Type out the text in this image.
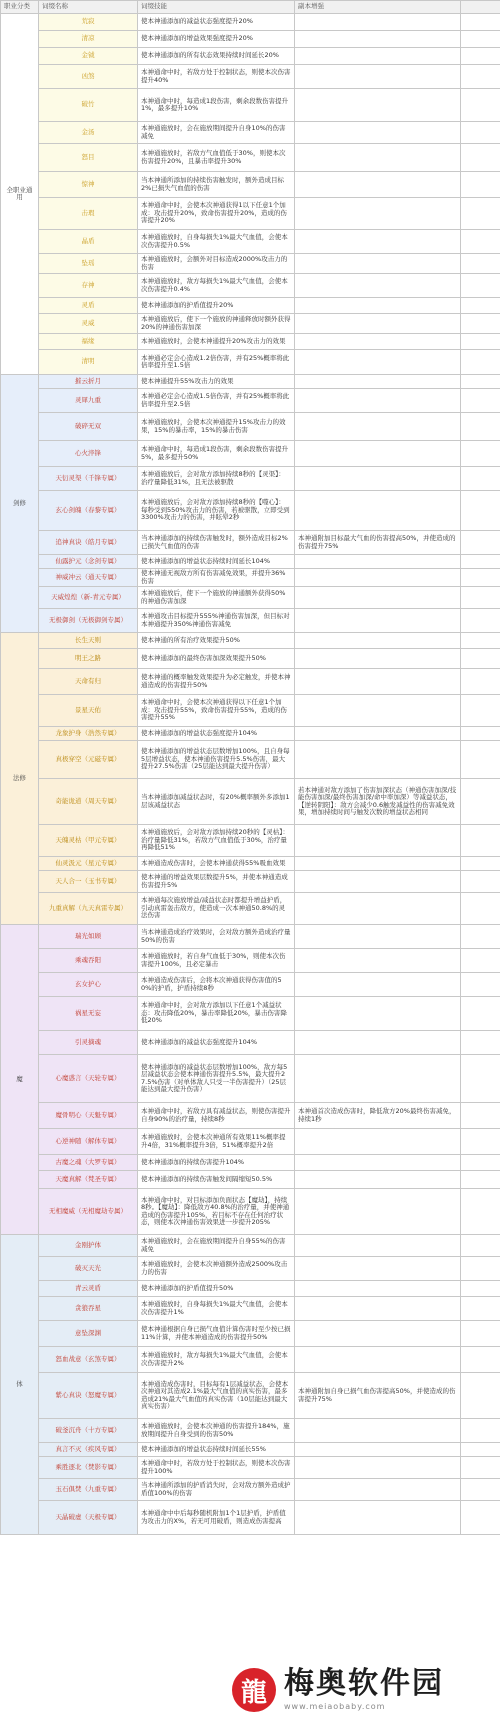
职业分类	词缀名称	词缀技能	副本增强	
全职业通用	荒寂	使本神通添加的减益状态强度提升20%		
	清凉	使本神通添加的增益效果强度提升20%		
	金钺	使本神通添加的所有状态效果持续时间延长20%		
	凶煞	本神通命中时，若敌方处于控制状态，则使本次伤害提升40%		
	破竹	本神通命中时，每造成1段伤害，剩余段数伤害提升1%，最多提升10%		
	金汤	本神通施放时，会在施放期间提升自身10%的伤害减免		
	怒目	本神通施放时，若敌方气血值低于30%，则使本次伤害提升20%，且暴击率提升30%		
	惊神	当本神通所添加的持续伤害触发时，额外造成目标2%已损失气血值的伤害		
	击瑕	本神通命中时，会使本次神通获得1以下任意1个加成：攻击提升20%，致命伤害提升20%，造成的伤害提升20%		
	晶盾	本神通施放时，自身每损失1%最大气血值，会使本次伤害提升0.5%		
	坠瑶	本神通施放时，会额外对目标造成2000%攻击力的伤害		
	存神	本神通施放时，敌方每损失1%最大气血值，会使本次伤害提升0.4%		
	灵盾	使本神通添加的护盾值提升20%		
	灵威	本神通施放后，使下一个施放的神通释放时额外获得20%的神通伤害加深		
	福缘	本神通施放时，会使本神通提升20%攻击力的效果		
	清明	本神通必定会心造成1.2倍伤害，并有25%概率将此倍率提升至1.5倍		
剑修	摧云折月	使本神通提升55%攻击力的效果		
	灵犀九重	本神通必定会心造成1.5倍伤害，并有25%概率将此倍率提升至2.5倍		
	破碎无双	本神通施放时，会使本次神通提升15%攻击力的效果，15%的暴击率，15%的暴击伤害		
	心火淬锋	本神通命中时，每造成1段伤害，剩余段数伤害提升5%，最多提升50%		
	天衍灵渠（千锋专属）	本神通施放后，会对敌方添加持续8秒的【灵渠】：治疗量降低31%，且无法被驱散		
	玄心剑魄（春黎专属）	本神通施放后，会对敌方添加持续8秒的【噬心】：每秒受到550%攻击力的伤害，若被驱散，立即受到3300%攻击力的伤害，并眩晕2秒		
	追神真诀（皓月专属）	当本神通添加的持续伤害触发时，额外造成目标2%已损失气血值的伤害	本神通附加目标最大气血的伤害提高50%，并使造成的伤害提升75%	
	仙露护元（念剑专属）	使本神通添加的增益状态持续时间延长104%		
	神威冲云（通天专属）	使本神通无视敌方所有伤害减免效果，并提升36%伤害		
	天威煌煌（新-青元专属）	本神通施放后，使下一个施放的神通额外获得50%的神通伤害加深		
	无极御剑（无极御剑专属）	本神通攻击目标提升555%神通伤害加深，但目标对本神通提升350%神通伤害减免		
法修	长生天则	使本神通的所有治疗效果提升50%		
	明王之路	使本神通添加的最终伤害加深效果提升50%		
	天命有归	使本神通的概率触发效果提升为必定触发，并使本神通造成的伤害提升50%		
	景星天佑	本神通命中时，会使本次神通获得以下任意1个加成：攻击提升55%，致命伤害提升55%，造成的伤害提升55%		
	龙象护身（浩然专属）	使本神通添加的增益状态强度提升104%		
	真极穿空（元磁专属）	使本神通添加的增益状态层数增加100%，且自身每5层增益状态，使本神通伤害提升5.5%伤害，最大提升27.5%伤害（25层能达到最大提升伤害）		
	奇能诡道（周天专属）	当本神通添加减益状态时，有20%概率额外多添加1层该减益状态	若本神通对敌方添加了伤害加深状态（神通伤害加深/技能伤害加深/最终伤害加深/命中率加深）等减益状态，【逆转阴阳】：敌方会减少0.6触发减益性的伤害减免效果，增加持续时间与触发次数的增益状态相同	
	天魄灵枯（甲元专属）	本神通施放后，会对敌方添加持续20秒的【灵枯】：治疗量降低31%，若敌方气血值低于30%，治疗量再降低51%		
	仙灵汲元（星元专属）	本神通造成伤害时，会使本神通获得55%吸血效果		
	天人合一（玉书专属）	使本神通的增益效果层数提升5%，并使本神通造成伤害提升5%		
	九重真解（九天真雷专属）	本神通每次施放增益/减益状态时都提升增益护盾，引动真雷轰击敌方，使造成一次本神通50.8%的灵法伤害		
魔	瑞光如顾	当本神通造成治疗效果时，会对敌方额外造成治疗量50%的伤害		
	乘魂吞阳	本神通施放时，若自身气血低于30%，则使本次伤害提升100%，且必定暴击		
	玄女护心	本神通造成伤害后，会将本次神通获得伤害值的50%的护盾，护盾持续8秒		
	祸星无妄	本神通命中时，会对敌方添加以下任意1个减益状态：攻击降低20%，暴击率降低20%，暴击伤害降低20%		
	引灵摘魂	使本神通添加的减益状态强度提升104%		
	心魔惑言（天轮专属）	使本神通添加的减益状态层数增加100%，敌方每5层减益状态会使本神通伤害提升5.5%，最大提升27.5%伤害（对单体敌人只受一半伤害提升）（25层能达到最大提升伤害）		
	魔骨明心（天魁专属）	本神通命中时，若敌方具有减益状态，则使伤害提升自身90%的治疗量，持续8秒	本神通首次造成伤害时，降低敌方20%最终伤害减免，持续1秒	
	心逆神随（解体专属）	本神通施放时，会使本次神通所有效果11%概率提升4倍，31%概率提升3倍，51%概率提升2倍		
	古魔之魂（大罗专属）	使本神通添加的持续伤害提升104%		
	天魔真解（梵圣专属）	使本神通添加的持续伤害触发间隔缩短50.5%		
	无相魔威（无相魔劫专属）	本神通命中时，对目标添加负面状态【魔劫】，持续8秒。【魔劫】：降低敌方40.8%的治疗量，并使神通造成的伤害提升105%，若目标不存在任何治疗状态，则使本次神通伤害效果进一步提升205%		
体	金刚护体	本神通施放时，会在施放期间提升自身55%的伤害减免		
	破灭天光	本神通施放时，会使本次神通额外造成2500%攻击力的伤害		
	青云灵盾	使本神通添加的护盾值提升50%		
	贪狼吞星	本神通施放时，自身每损失1%最大气血值，会使本次伤害提升1%		
	意坠深渊	使本神通根据自身已损气血值计算伤害时至少按已损11%计算，并使本神通造成的伤害提升50%		
	怒血战意（玄煞专属）	本神通施放时，敌方每损失1%最大气血值，会使本次伤害提升2%		
	紫心真诀（怒魔专属）	本神通造成伤害时，目标每有1层减益状态，会使本次神通对其造成2.1%最大气血值的真实伤害，最多造成21%最大气血值的真实伤害（10层能达到最大真实伤害）	本神通附加自身已损气血伤害提高50%，并使造成的伤害提升75%	
	破釜沉舟（十方专属）	本神通施放时，会使本次神通的伤害提升184%，施放期间提升自身受到的伤害50%		
	真言不灭（疾风专属）	使本神通添加的增益状态持续时间延长55%		
	乘胜逐北（焚影专属）	本神通命中时，若敌方处于控制状态，则使本次伤害提升100%		
	玉石俱焚（九重专属）	当本神通所添加的护盾消失时，会对敌方额外造成护盾值100%的伤害		
	天晶破虚（天极专属）	本神通命中中后每秒随机附加1个1层护盾，护盾值为攻击力的X%，若无可用破盾，则造成伤害提高		
龍 梅奥软件园
www.meiaobaby.com
